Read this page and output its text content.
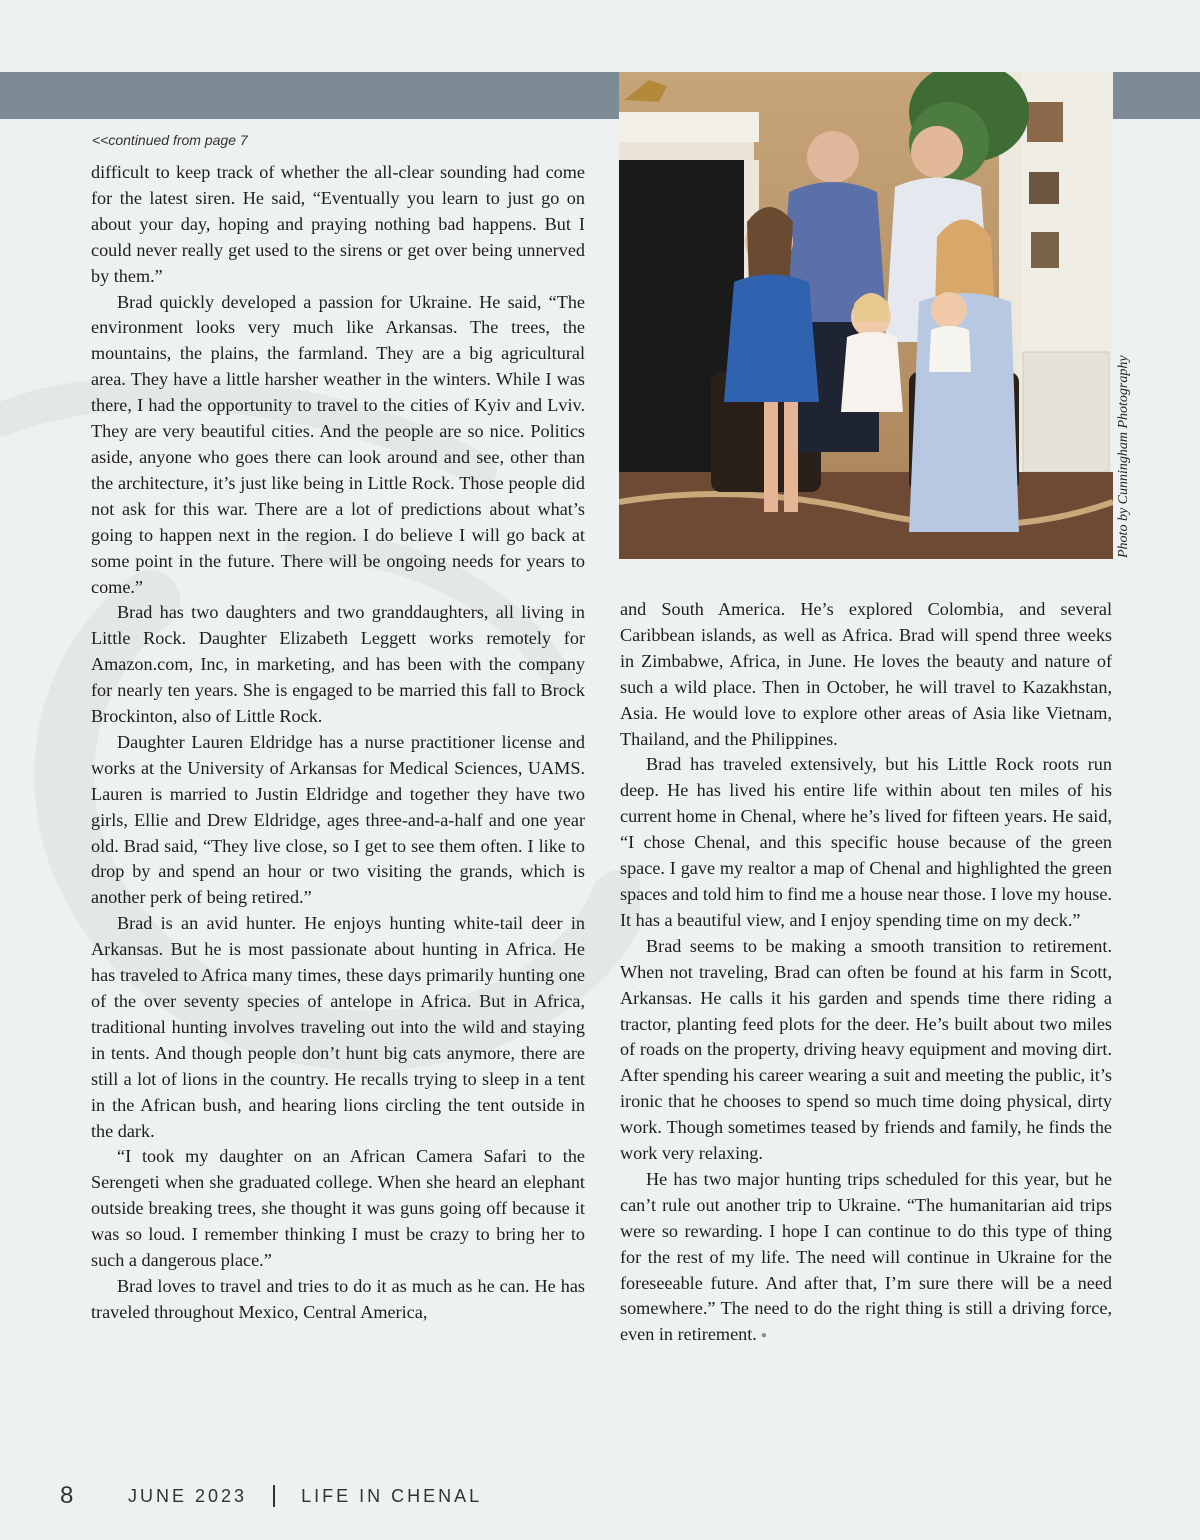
<<continued from page 7

difficult to keep track of whether the all-clear sounding had come for the latest siren. He said, “Eventually you learn to just go on about your day, hoping and praying nothing bad happens. But I could never really get used to the sirens or get over being unnerved by them.”

Brad quickly developed a passion for Ukraine. He said, “The environment looks very much like Arkansas. The trees, the mountains, the plains, the farmland. They are a big agricultural area. They have a little harsher weather in the winters. While I was there, I had the opportunity to travel to the cities of Kyiv and Lviv. They are very beautiful cities. And the people are so nice. Politics aside, anyone who goes there can look around and see, other than the architecture, it’s just like being in Little Rock. Those people did not ask for this war. There are a lot of predictions about what’s going to happen next in the region. I do believe I will go back at some point in the future. There will be ongoing needs for years to come.”

Brad has two daughters and two granddaughters, all living in Little Rock. Daughter Elizabeth Leggett works remotely for Amazon.com, Inc, in marketing, and has been with the company for nearly ten years. She is engaged to be married this fall to Brock Brockinton, also of Little Rock.

Daughter Lauren Eldridge has a nurse practitioner license and works at the University of Arkansas for Medical Sciences, UAMS. Lauren is married to Justin Eldridge and together they have two girls, Ellie and Drew Eldridge, ages three-and-a-half and one year old. Brad said, “They live close, so I get to see them often. I like to drop by and spend an hour or two visiting the grands, which is another perk of being retired.”

Brad is an avid hunter. He enjoys hunting white-tail deer in Arkansas. But he is most passionate about hunting in Africa. He has traveled to Africa many times, these days primarily hunting one of the over seventy species of antelope in Africa. But in Africa, traditional hunting involves traveling out into the wild and staying in tents. And though people don’t hunt big cats anymore, there are still a lot of lions in the country. He recalls trying to sleep in a tent in the African bush, and hearing lions circling the tent outside in the dark.

“I took my daughter on an African Camera Safari to the Serengeti when she graduated college. When she heard an elephant outside breaking trees, she thought it was guns going off because it was so loud. I remember thinking I must be crazy to bring her to such a dangerous place.”

Brad loves to travel and tries to do it as much as he can. He has traveled throughout Mexico, Central America,

Photo by Cunningham Photography

and South America. He’s explored Colombia, and several Caribbean islands, as well as Africa. Brad will spend three weeks in Zimbabwe, Africa, in June. He loves the beauty and nature of such a wild place. Then in October, he will travel to Kazakhstan, Asia. He would love to explore other areas of Asia like Vietnam, Thailand, and the Philippines.

Brad has traveled extensively, but his Little Rock roots run deep. He has lived his entire life within about ten miles of his current home in Chenal, where he’s lived for fifteen years. He said, “I chose Chenal, and this specific house because of the green space. I gave my realtor a map of Chenal and highlighted the green spaces and told him to find me a house near those. I love my house. It has a beautiful view, and I enjoy spending time on my deck.”

Brad seems to be making a smooth transition to retirement. When not traveling, Brad can often be found at his farm in Scott, Arkansas. He calls it his garden and spends time there riding a tractor, planting feed plots for the deer. He’s built about two miles of roads on the property, driving heavy equipment and moving dirt. After spending his career wearing a suit and meeting the public, it’s ironic that he chooses to spend so much time doing physical, dirty work. Though sometimes teased by friends and family, he finds the work very relaxing.

He has two major hunting trips scheduled for this year, but he can’t rule out another trip to Ukraine. “The humanitarian aid trips were so rewarding. I hope I can continue to do this type of thing for the rest of my life. The need will continue in Ukraine for the foreseeable future. And after that, I’m sure there will be a need somewhere.” The need to do the right thing is still a driving force, even in retirement. ●

8	JUNE 2023	LIFE IN CHENAL
